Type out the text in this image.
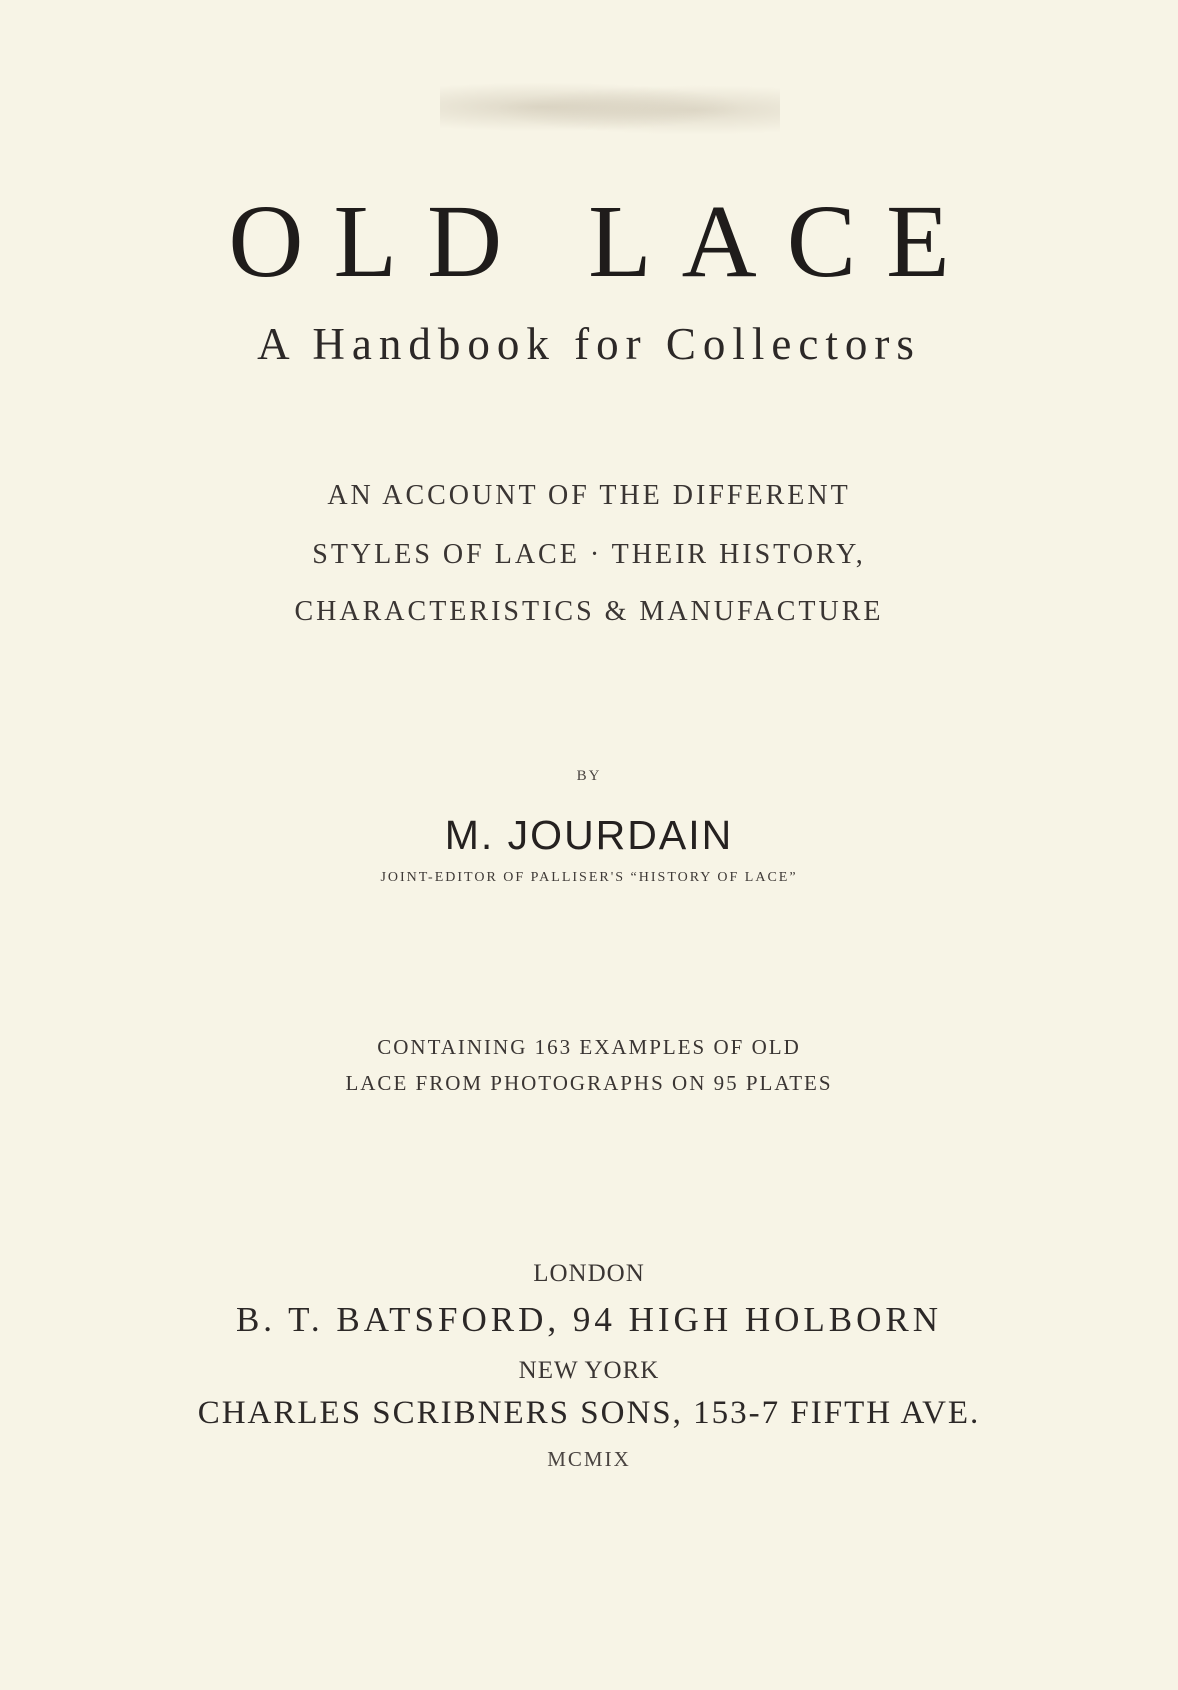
OLD LACE
A Handbook for Collectors
AN ACCOUNT OF THE DIFFERENT
STYLES OF LACE · THEIR HISTORY,
CHARACTERISTICS & MANUFACTURE
BY
M. JOURDAIN
JOINT-EDITOR OF PALLISER'S “HISTORY OF LACE”
CONTAINING 163 EXAMPLES OF OLD
LACE FROM PHOTOGRAPHS ON 95 PLATES
LONDON
B. T. BATSFORD, 94 HIGH HOLBORN
NEW YORK
CHARLES SCRIBNERS SONS, 153-7 FIFTH AVE.
MCMIX
